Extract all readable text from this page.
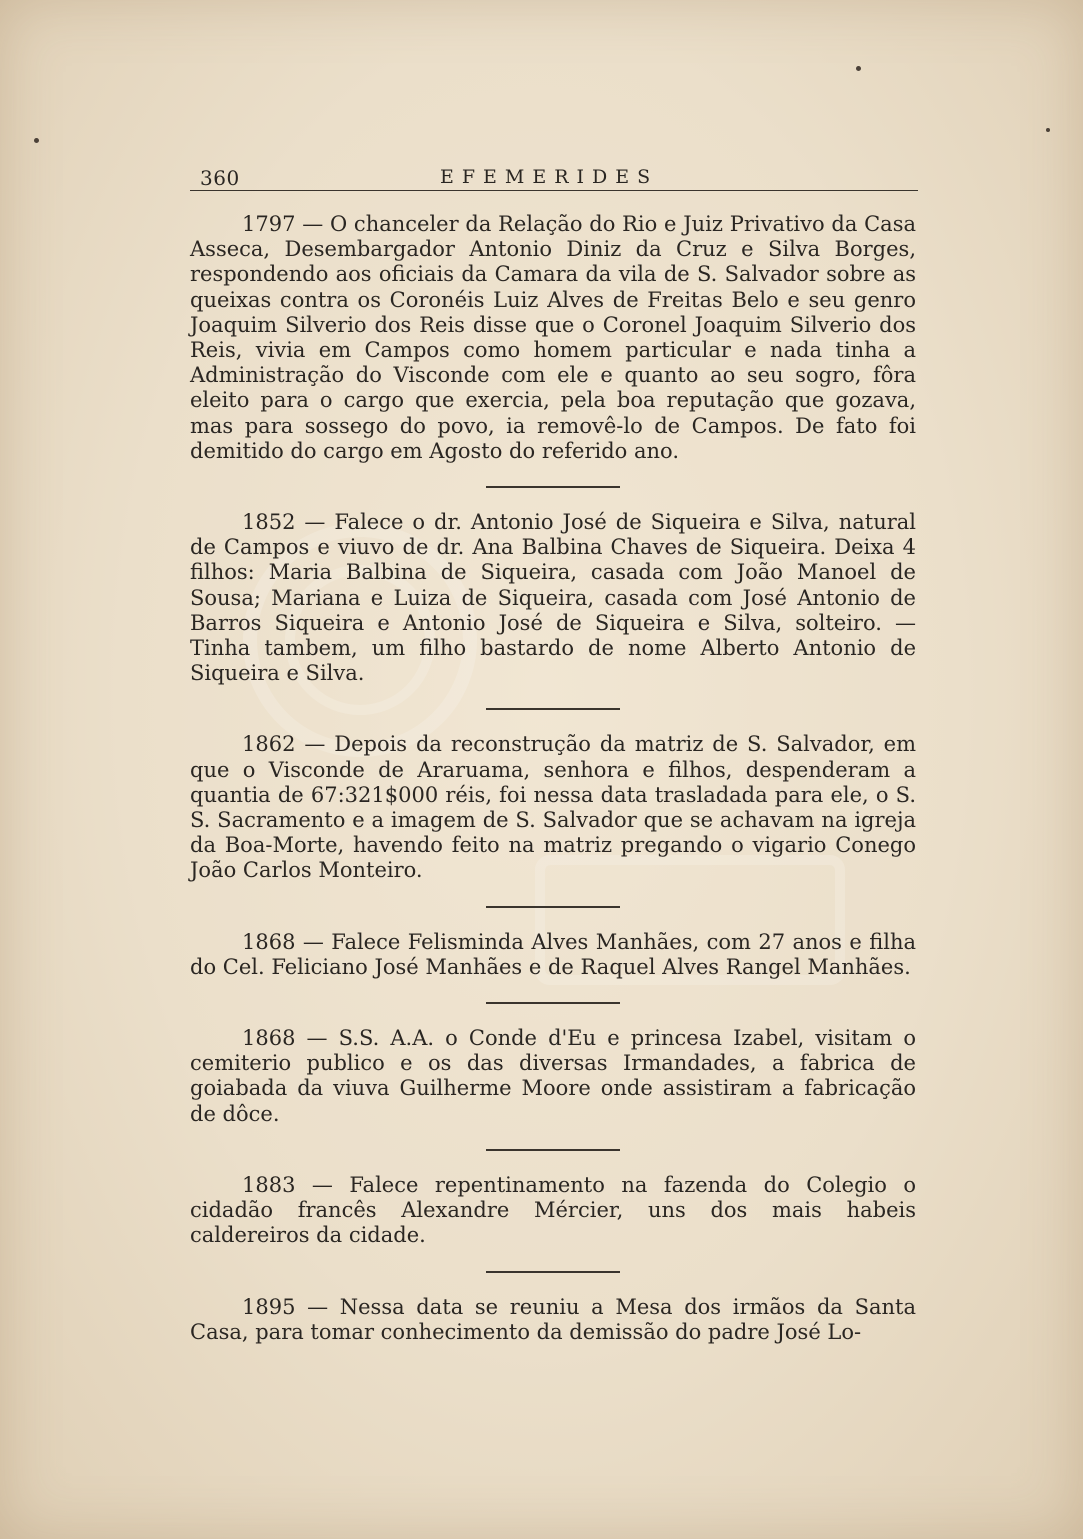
360	EFEMERIDES

1797 — O chanceler da Relação do Rio e Juiz Privativo da Casa Asseca, Desembargador Antonio Diniz da Cruz e Silva Borges, respondendo aos oficiais da Camara da vila de S. Salvador sobre as queixas contra os Coronéis Luiz Alves de Freitas Belo e seu genro Joaquim Silverio dos Reis disse que o Coronel Joaquim Silverio dos Reis, vivia em Campos como homem particular e nada tinha a Administração do Visconde com ele e quanto ao seu sogro, fôra eleito para o cargo que exercia, pela boa reputação que gozava, mas para sossego do povo, ia removê-lo de Campos. De fato foi demitido do cargo em Agosto do referido ano.

1852 — Falece o dr. Antonio José de Siqueira e Silva, natural de Campos e viuvo de dr. Ana Balbina Chaves de Siqueira. Deixa 4 filhos: Maria Balbina de Siqueira, casada com João Manoel de Sousa; Mariana e Luiza de Siqueira, casada com José Antonio de Barros Siqueira e Antonio José de Siqueira e Silva, solteiro. — Tinha tambem, um filho bastardo de nome Alberto Antonio de Siqueira e Silva.

1862 — Depois da reconstrução da matriz de S. Salvador, em que o Visconde de Araruama, senhora e filhos, despenderam a quantia de 67:321$000 réis, foi nessa data trasladada para ele, o S. S. Sacramento e a imagem de S. Salvador que se achavam na igreja da Boa-Morte, havendo feito na matriz pregando o vigario Conego João Carlos Monteiro.

1868 — Falece Felisminda Alves Manhães, com 27 anos e filha do Cel. Feliciano José Manhães e de Raquel Alves Rangel Manhães.

1868 — S.S. A.A. o Conde d'Eu e princesa Izabel, visitam o cemiterio publico e os das diversas Irmandades, a fabrica de goiabada da viuva Guilherme Moore onde assistiram a fabricação de dôce.

1883 — Falece repentinamento na fazenda do Colegio o cidadão francês Alexandre Mércier, uns dos mais habeis caldereiros da cidade.

1895 — Nessa data se reuniu a Mesa dos irmãos da Santa Casa, para tomar conhecimento da demissão do padre José Lo-
